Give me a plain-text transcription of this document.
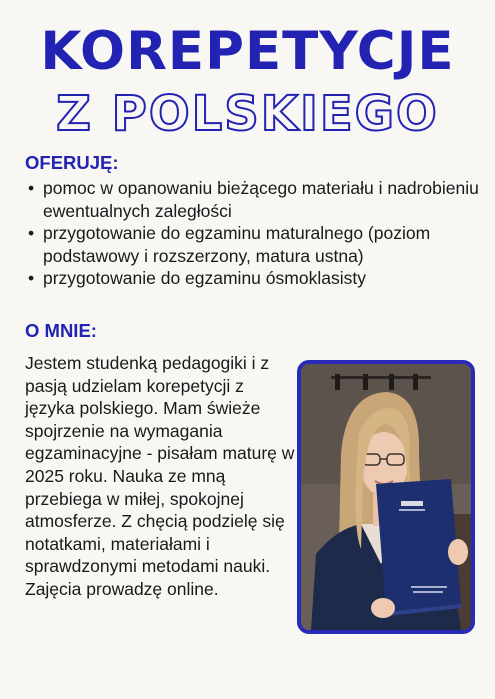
KOREPETYCJE
Z POLSKIEGO
OFERUJĘ:
• pomoc w opanowaniu bieżącego materiału i nadrobieniu ewentualnych zaległości
• przygotowanie do egzaminu maturalnego (poziom podstawowy i rozszerzony, matura ustna)
• przygotowanie do egzaminu ósmoklasisty
O MNIE:
Jestem studenką pedagogiki i z pasją udzielam korepetycji z języka polskiego. Mam świeże spojrzenie na wymagania egzaminacyjne - pisałam maturę w 2025 roku. Nauka ze mną przebiega w miłej, spokojnej atmosferze. Z chęcią podzielę się notatkami, materiałami i sprawdzonymi metodami nauki. Zajęcia prowadzę online.
